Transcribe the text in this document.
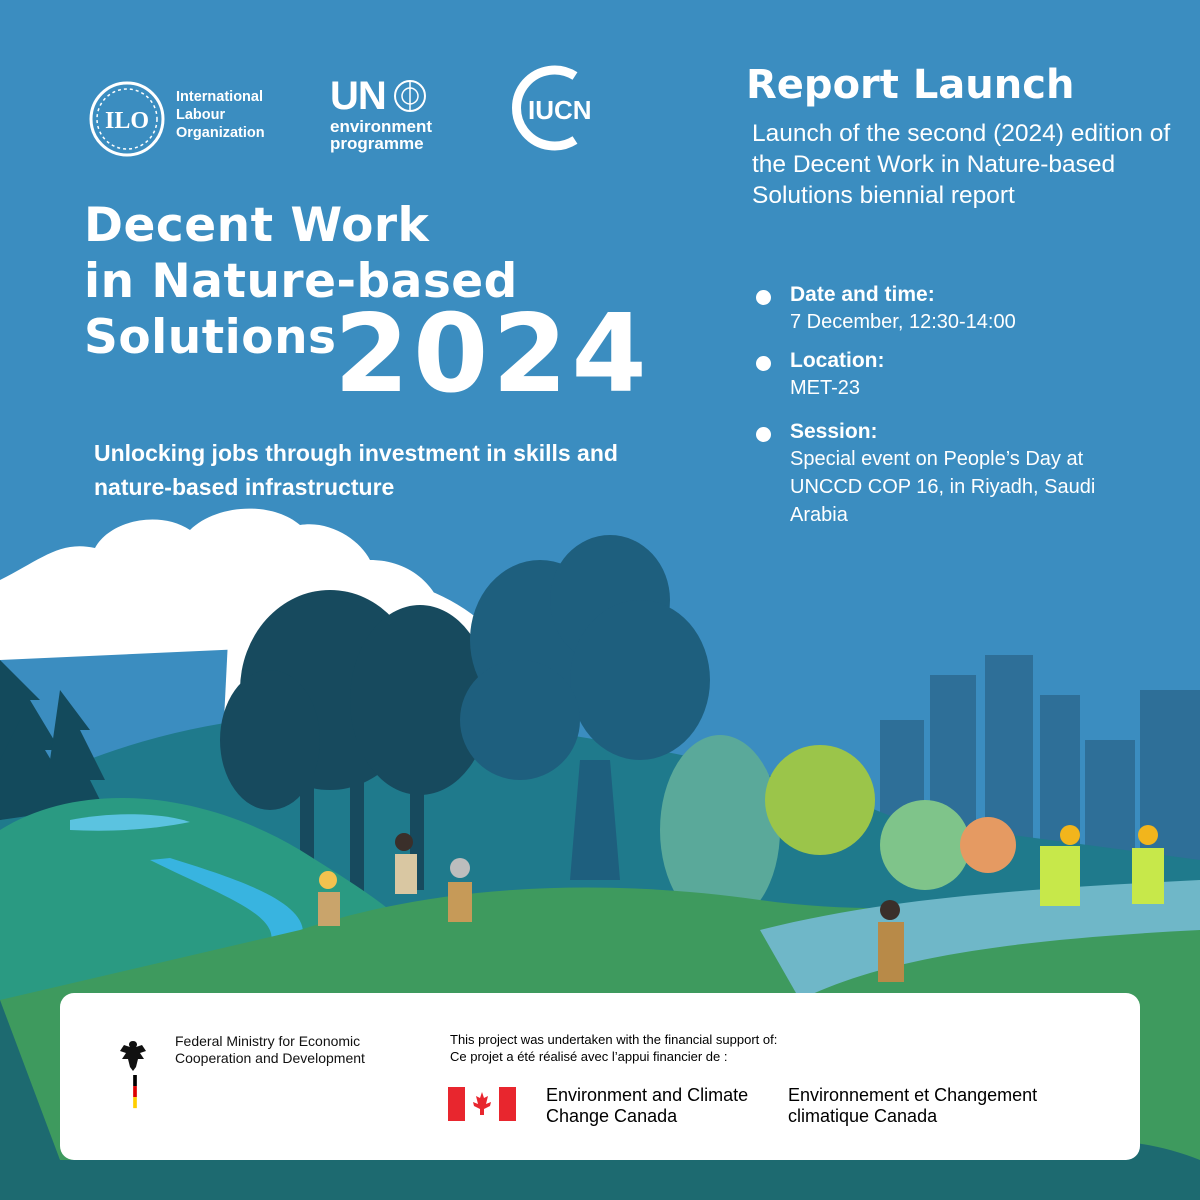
ILO
International Labour Organization
UN
environment
programme
IUCN
Decent Work
in Nature-based
Solutions
2024
Unlocking jobs through investment in skills and nature-based infrastructure
Report Launch
Launch of the second (2024) edition of the Decent Work in Nature-based Solutions biennial report
Date and time:
7 December, 12:30-14:00
Location:
MET-23
Session:
Special event on People’s Day at UNCCD COP 16, in Riyadh, Saudi Arabia
Federal Ministry for Economic Cooperation and Development
This project was undertaken with the financial support of:
Ce projet a été réalisé avec l’appui financier de :
Environment and Climate Change Canada
Environnement et Changement climatique Canada
